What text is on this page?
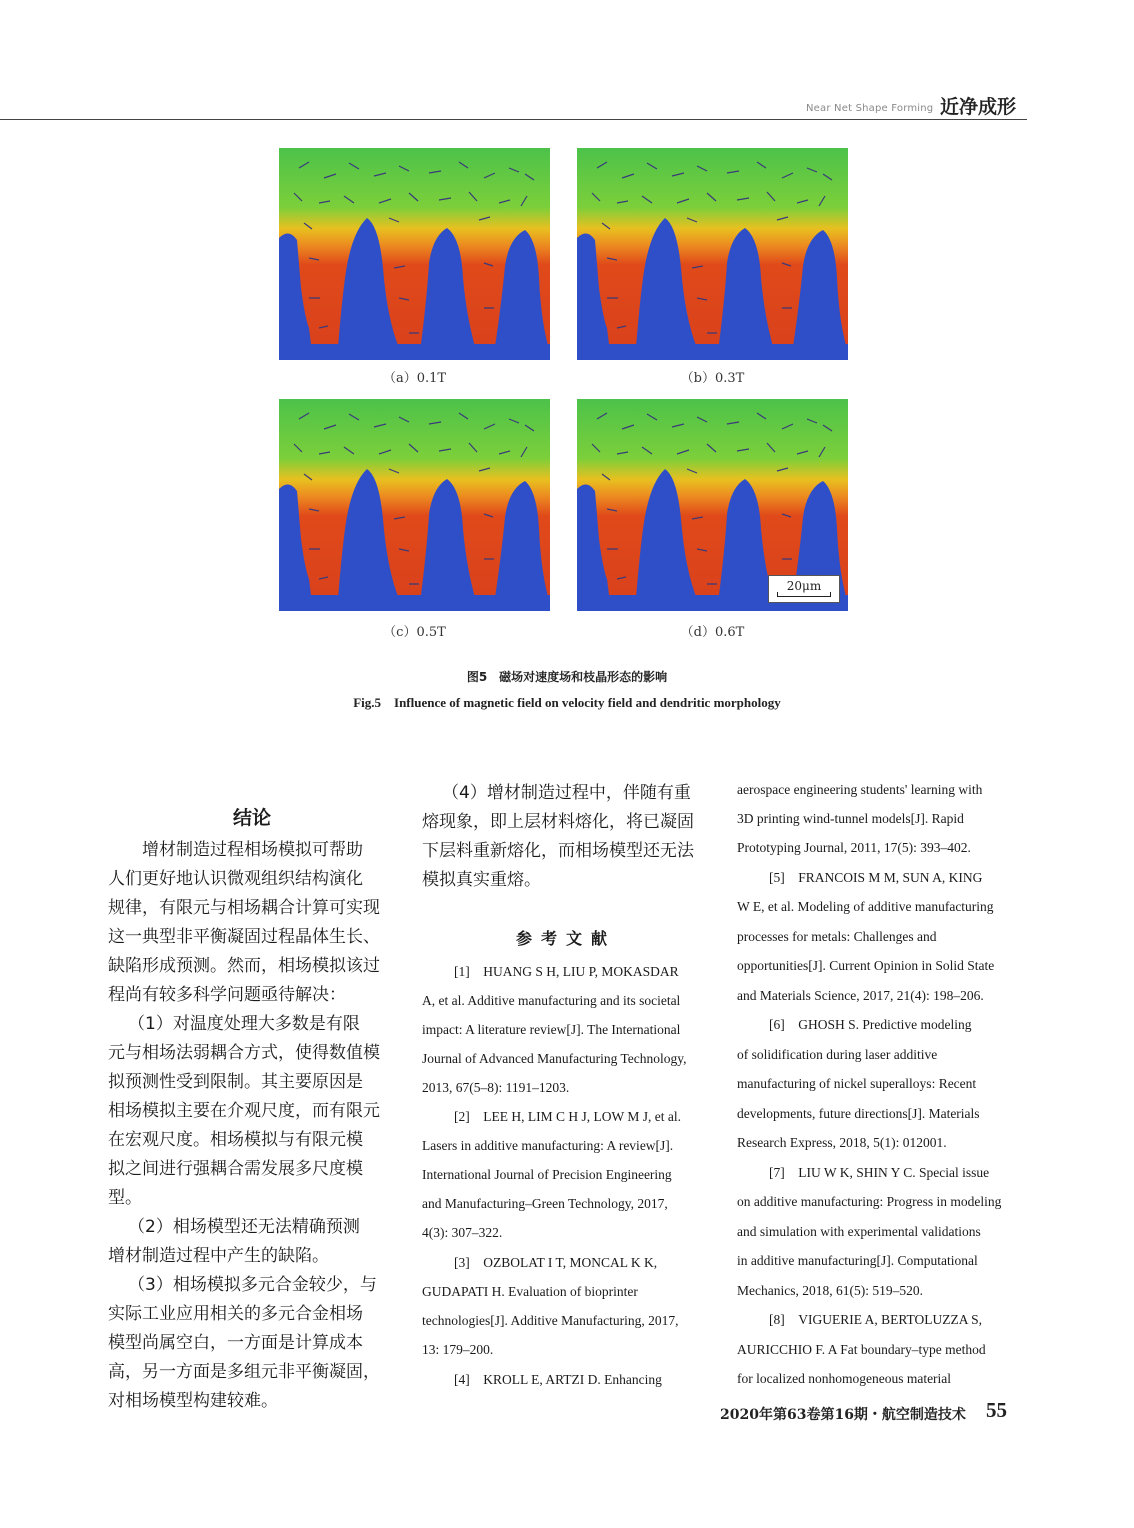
Near Net Shape Forming 近净成形
20μm
（a）0.1T	（b）0.3T
（c）0.5T	（d）0.6T
图5　磁场对速度场和枝晶形态的影响
Fig.5　Influence of magnetic field on velocity field and dendritic morphology
结论
增材制造过程相场模拟可帮助
人们更好地认识微观组织结构演化
规律，有限元与相场耦合计算可实现
这一典型非平衡凝固过程晶体生长、
缺陷形成预测。然而，相场模拟该过
程尚有较多科学问题亟待解决：
（1）对温度处理大多数是有限
元与相场法弱耦合方式，使得数值模
拟预测性受到限制。其主要原因是
相场模拟主要在介观尺度，而有限元
在宏观尺度。相场模拟与有限元模
拟之间进行强耦合需发展多尺度模
型。
（2）相场模型还无法精确预测
增材制造过程中产生的缺陷。
（3）相场模拟多元合金较少，与
实际工业应用相关的多元合金相场
模型尚属空白，一方面是计算成本
高，另一方面是多组元非平衡凝固，
对相场模型构建较难。
（4）增材制造过程中，伴随有重
熔现象，即上层材料熔化，将已凝固
下层料重新熔化，而相场模型还无法
模拟真实重熔。
参考文献
[1]　HUANG S H, LIU P, MOKASDAR
A, et al. Additive manufacturing and its societal
impact: A literature review[J]. The International
Journal of Advanced Manufacturing Technology,
2013, 67(5–8): 1191–1203.
[2]　LEE H, LIM C H J, LOW M J, et al.
Lasers in additive manufacturing: A review[J].
International Journal of Precision Engineering
and Manufacturing–Green Technology, 2017,
4(3): 307–322.
[3]　OZBOLAT I T, MONCAL K K,
GUDAPATI H. Evaluation of bioprinter
technologies[J]. Additive Manufacturing, 2017,
13: 179–200.
[4]　KROLL E, ARTZI D. Enhancing
aerospace engineering students' learning with
3D printing wind-tunnel models[J]. Rapid
Prototyping Journal, 2011, 17(5): 393–402.
[5]　FRANCOIS M M, SUN A, KING
W E, et al. Modeling of additive manufacturing
processes for metals: Challenges and
opportunities[J]. Current Opinion in Solid State
and Materials Science, 2017, 21(4): 198–206.
[6]　GHOSH S. Predictive modeling
of solidification during laser additive
manufacturing of nickel superalloys: Recent
developments, future directions[J]. Materials
Research Express, 2018, 5(1): 012001.
[7]　LIU W K, SHIN Y C. Special issue
on additive manufacturing: Progress in modeling
and simulation with experimental validations
in additive manufacturing[J]. Computational
Mechanics, 2018, 61(5): 519–520.
[8]　VIGUERIE A, BERTOLUZZA S,
AURICCHIO F. A Fat boundary–type method
for localized nonhomogeneous material
2020年第63卷第16期・航空制造技术 55
